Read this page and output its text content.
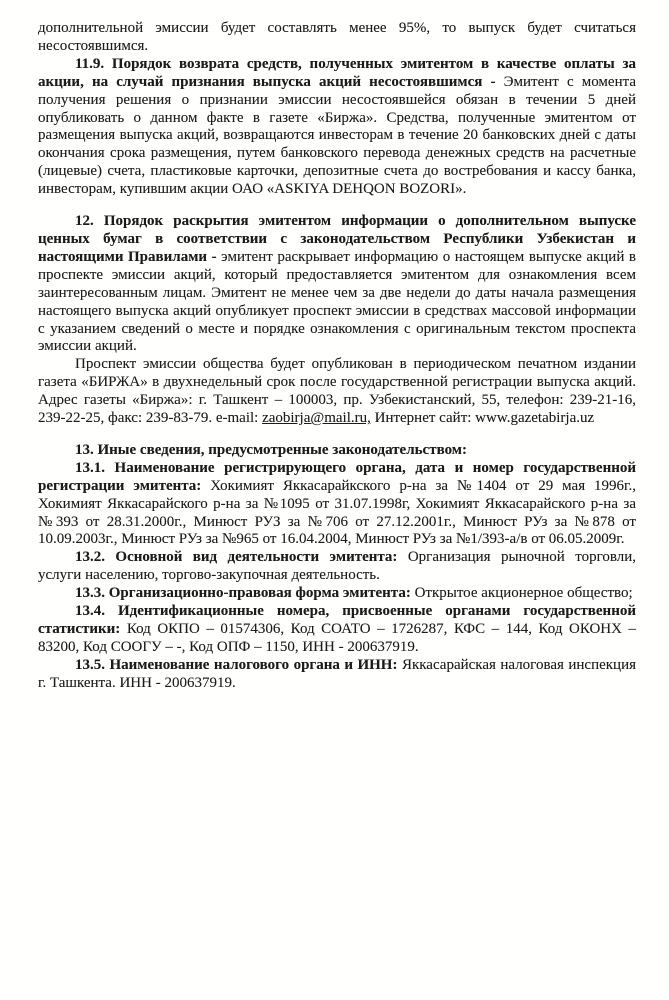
дополнительной эмиссии будет составлять менее 95%, то выпуск будет считаться несостоявшимся.

11.9. Порядок возврата средств, полученных эмитентом в качестве оплаты за акции, на случай признания выпуска акций несостоявшимся - Эмитент с момента получения решения о признании эмиссии несостоявшейся обязан в течении 5 дней опубликовать о данном факте в газете «Биржа». Средства, полученные эмитентом от размещения выпуска акций, возвращаются инвесторам в течение 20 банковских дней с даты окончания срока размещения, путем банковского перевода денежных средств на расчетные (лицевые) счета, пластиковые карточки, депозитные счета до востребования и кассу банка, инвесторам, купившим акции ОАО «ASKIYA DEHQON BOZORI».

12. Порядок раскрытия эмитентом информации о дополнительном выпуске ценных бумаг в соответствии с законодательством Республики Узбекистан и настоящими Правилами - эмитент раскрывает информацию о настоящем выпуске акций в проспекте эмиссии акций, который предоставляется эмитентом для ознакомления всем заинтересованным лицам. Эмитент не менее чем за две недели до даты начала размещения настоящего выпуска акций опубликует проспект эмиссии в средствах массовой информации с указанием сведений о месте и порядке ознакомления с оригинальным текстом проспекта эмиссии акций.

Проспект эмиссии общества будет опубликован в периодическом печатном издании газета «БИРЖА» в двухнедельный срок после государственной регистрации выпуска акций. Адрес газеты «Биржа»: г. Ташкент – 100003, пр. Узбекистанский, 55, телефон: 239-21-16, 239-22-25, факс: 239-83-79. e-mail: zaobirja@mail.ru, Интернет сайт: www.gazetabirja.uz

13. Иные сведения, предусмотренные законодательством:

13.1. Наименование регистрирующего органа, дата и номер государственной регистрации эмитента: Хокимият Яккасарайкского р-на за №1404 от 29 мая 1996г., Хокимият Яккасарайского р-на за №1095 от 31.07.1998г, Хокимият Яккасарайского р-на за №393 от 28.31.2000г., Минюст РУЗ за №706 от 27.12.2001г., Минюст РУз за №878 от 10.09.2003г., Минюст РУз за №965 от 16.04.2004, Минюст РУз за №1/393-а/в от 06.05.2009г.

13.2. Основной вид деятельности эмитента: Организация рыночной торговли, услуги населению, торгово-закупочная деятельность.

13.3. Организационно-правовая форма эмитента: Открытое акционерное общество;

13.4. Идентификационные номера, присвоенные органами государственной статистики: Код ОКПО – 01574306, Код СОАТО – 1726287, КФС – 144, Код ОКОНХ – 83200, Код СООГУ – -, Код ОПФ – 1150, ИНН - 200637919.

13.5. Наименование налогового органа и ИНН: Яккасарайская налоговая инспекция г. Ташкента. ИНН - 200637919.
